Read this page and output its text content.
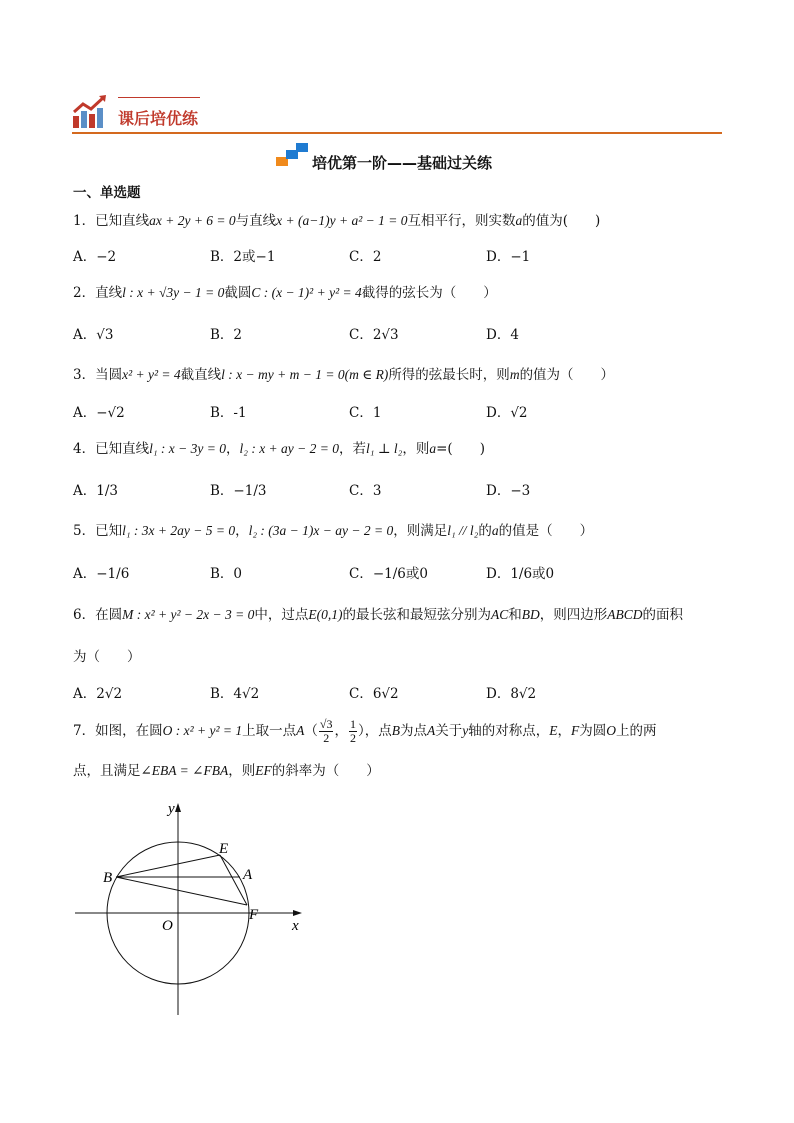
课后培优练
培优第一阶——基础过关练
一、单选题
1．已知直线ax + 2y + 6 = 0与直线x + (a−1)y + a² − 1 = 0互相平行，则实数a的值为(　　)
A．−2	B．2或−1	C．2	D．−1
2．直线l : x + √3y − 1 = 0截圆C : (x − 1)² + y² = 4截得的弦长为（　　）
A．√3	B．2	C．2√3	D．4
3．当圆x² + y² = 4截直线l : x − my + m − 1 = 0(m ∈ R)所得的弦最长时，则m的值为（　　）
A．−√2	B．-1	C．1	D．√2
4．已知直线l₁ : x − 3y = 0，l₂ : x + ay − 2 = 0，若l₁ ⊥ l₂，则a=(　　)
A．1/3	B．−1/3	C．3	D．−3
5．已知l₁ : 3x + 2ay − 5 = 0，l₂ : (3a − 1)x − ay − 2 = 0，则满足l₁ // l₂的a的值是（　　）
A．−1/6	B．0	C．−1/6或0	D．1/6或0
6．在圆M : x² + y² − 2x − 3 = 0中，过点E(0,1)的最长弦和最短弦分别为AC和BD，则四边形ABCD的面积
为（　　）
A．2√2	B．4√2	C．6√2	D．8√2
7．如图，在圆O : x² + y² = 1上取一点$A( \frac{√3}{2}$ ， $\frac{1}{2}$ ），点B为点A关于y轴的对称点，E，F为圆O上的两
点，且满足∠EBA = ∠FBA，则EF的斜率为（　　）
y
x
O
B
E
A
F
